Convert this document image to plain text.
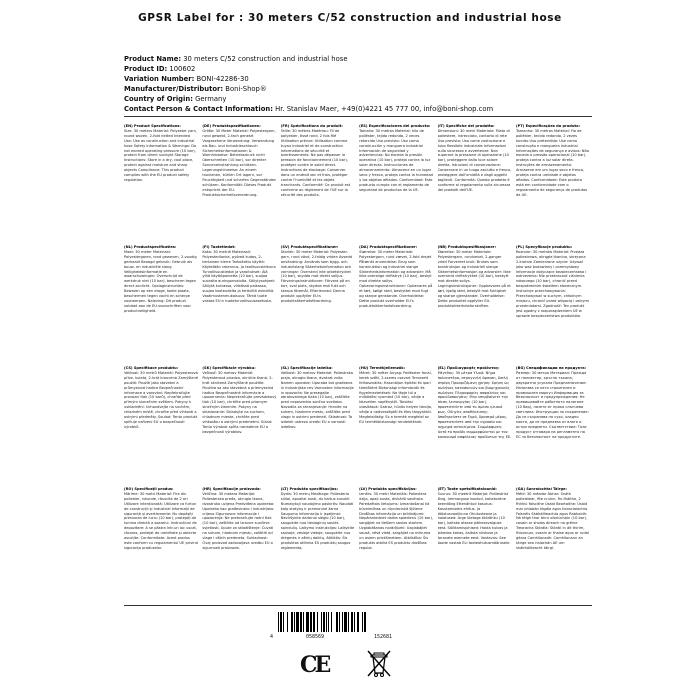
GPSR Label for : 30 meters C/52 construction and industrial hose
Product Name: 30 meters C/52 construction and industrial hose
Product ID: 100602
Variation Number: BONI-42286-30
Manufacturer/Distributor: Boni-Shop®
Country of Origin: Germany
Contact Person & Contact Information: Hr. Stanislav Maer, +49(0)4221 45 777 00, info@boni-shop.com
(EN) Product Specifications:
Size: 30 meters Material: Polyester yarn, round woven, 2-fold netted Intended Use: Use as construction and industrial hose Safety Information & Warnings: Do not exceed operating pressure (10 bar), protect from direct sunlight Storage Instructions: Store in a dry, cool place, protect against moisture and sharp objects Compliance: This product complies with the EU product safety regulation.
(DE) Produktspezifikationen:
Größe: 30 Meter Material: Polyestergarn, rund gewebt, 2-fach genetzt Vorgesehene Verwendung: Verwendung als Bau- und Industrieschlauch Sicherheitsinformationen & Warnhinweise: Betriebsdruck nicht überschreiten (10 bar), vor direkter Sonneneinstrahlung schützen. Lagerungshinweise: An einem trockenen, kühlen Ort lagern, vor Feuchtigkeit und scharfen Gegenständen schützen. Konformität: Dieses Produkt entspricht der EU-Produktsicherheitsverordnung.
(FR) Spécifications du produit:
Taille: 30 mètres Matériau: Fil de polyester, tissé rond, 2 fois filé Utilisation prévue: Utilisation comme tuyau industriel et de construction Informations de sécurité et avertissements: Ne pas dépasser la pression de fonctionnement (10 bar), protéger contre le soleil direct. Instructions de stockage: Conserver dans un endroit sec et frais, protéger contre l'humidité et les objets tranchants. Conformité: Ce produit est conforme au règlement de l'UE sur la sécurité des produits.
(ES) Especificaciones del producto:
Tamaño: 30 metros Material: hilo de poliéster, tejido redondo, 2 veces retorcido Uso previsto: Uso como construcción y manguera industrial Información de seguridad y advertencias: No exceda la presión operativa (10 bar), proteja contra la luz solar directa. Instrucciones de almacenamiento: Almacene en un lugar seco y fresco, proteja contra la humedad y los objetos afilados. Conformidad: Este producto cumple con el reglamento de seguridad de productos de la UE.
(IT) Specifiche del prodotto:
Dimensioni: 30 metri Materiale: Filato di poliestere, intrecciato, contorto di rete Uso previsto: Uso come costruzione e tubo flessibile industriale Informazioni sulla sicurezza e avvertenze: Non superare la pressione di operazione (10 bar), proteggere dalla luce solare diretta. Istruzioni di conservazione: Conservare in un luogo asciutto e fresco, proteggere dall'umidità e dagli oggetti taglienti. Conformità: Questo prodotto è conforme al regolamento sulla sicurezza dei prodotti dell'UE.
(PT) Especificações do produto:
Tamanho: 30 metros Material: Fio de poliéster, tecido redondo, 2 vezes torcido Uso pretendido: Use como construção e mangueira industrial Informações de segurança e avisos: Não exceda a pressão operacional (10 bar), proteja contra a luz solar direta. Instruções de armazenamento: Armazene em um lugar seco e fresco, proteja contra umidade e objetos afiados. Conformidade: Este produto está em conformidade com o regulamento de segurança de produtos da UE.
(NL) Productspecificaties:
Maat: 30 meter Materiaal: Polyestergaren, rond geweven, 2-voudig gedraaid Beoogd gebruik: Gebruik als bouw- en industriële slang Veiligheidsinformatie en waarschuwingen: Overschrijd de werkdruk niet (10 bar), bescherm tegen direct zonlicht. Opslaginstructies: Bewaren op een droge, koele plaats, beschermen tegen vocht en scherpe voorwerpen. Naleving: Dit product voldoet aan de EU-voorschriften voor productveiligheid.
(FI) Tuotetiedot:
Koko: 30 metriä Materiaali: Polyesterilanka, pyöreä kudos, 2-kertainen kierre Tarkoitettu käyttö: Käytetään rakennus- ja teollisuusletkuna Turvallisuustiedot ja varoitukset: Älä ylitä käyttöpainetta (10 bar), suojaa suoralta auringonvalolta. Säilytysohjeet: Säilytä kuivassa, viileässä paikassa, suojaa kosteudelta ja teräviltä esineiltä. Vaatimustenmukaisuus: Tämä tuote vastaa EU:n tuoteturvallisuusasetusta.
(SV) Produktspecifikationer:
Storlek: 30 meter Material: Polyester-garn, rund vävd, 2-faldig vriden Avsedd användning: Används som bygg- och industrislang Säkerhetsinformation och varningar: Överskrid inte arbetstrycket (10 bar), skydda mot direkt solljus. Förvaringsinstruktioner: Förvara på en torr, sval plats, skydda mot fukt och skarpa föremål. Efterlevnad: Denna produkt uppfyller EU:s produktsäkerhetsförordning.
(DA) Produktspecifikationer:
Størrelse: 30 meter Materiale: Polyestergarn, rund vævet, 2-fold drejet Påtænkt anvendelse: Brug som konstruktion og industriel slange Sikkerhedsinformation og advarsler: Må ikke overstige driftstryk (10 bar), beskyt mod direkte sollys. Opbevaringsinstruktioner: Opbevares på et tørt, køligt sted, beskyttet mod fugt og skarpe genstande. Overholdelse: Dette produkt overholder EU's produktsikkerhedsforordning.
(NB) Produktspesifikasjoner:
Størrelse: 30 meter Materiale: Polyestergarn, rundvevet, 2-ganger vridd Forventet bruk: Brukes som konstruksjon og industriell slange Sikkerhetsinformasjon og advarsler: Ikke overskrid driftstrykket (10 bar), beskytt mot direkte sollys. Lagringsinstruksjoner: Oppbevares på et tørt, kjølig sted, beskytt mot fuktighet og skarpe gjenstander. Overholdelse: Dette produktet oppfyller EU-produktsikkerhetsforskriften.
(PL) Specyfikacje produktu:
Rozmiar: 30 metrów Materiał: Przędza poliestrowa, okrągła tkanina, skręcona 2-krotnie Zamierzone użycie: Używać jako wąż budowlany i przemysłowy Informacje dotyczące bezpieczeństwa i ostrzeżenia: Nie przekraczać ciśnienia roboczego (10 bar), chronić przed bezpośrednim światłem słonecznym. Instrukcje przechowywania: Przechowywać w suchym, chłodnym miejscu, chronić przed wilgocią i ostrymi przedmiotami. Zgodność: Ten produkt jest zgodny z rozporządzeniem UE w sprawie bezpieczeństwa produktów.
(CS) Specifikace produktu:
Velikost: 30 metrů Materiál: Polyesterová příze, kulatá, 2-krát kroucená Zamýšlené použití: Použití jako stavební a průmyslová hadice Bezpečnostní informace a varování: Nepřekračujte provozní tlak (10 barů), chraňte před přímým slunečním světlem. Pokyny k uskladnění: Uchovávejte na suchém, chladném místě, chraňte před vlhkostí a ostrými předměty. Soulad: Tento produkt splňuje nařízení EU o bezpečnosti výrobků.
(SK) Špecifikácie výrobku:
Veľkosť: 30 metrov Materiál: Polyesterová priadza, okrúhle tkaná, 2-krát skrútená Zamýšľané použitie: Používa sa ako stavebná a priemyselná hadica Bezpečnostné informácie a upozornenia: Neprekračujte prevádzkový tlak (10 bar), chráňte pred priamym slnečným žiarením. Pokyny na skladovanie: Skladujte na suchom, chladnom mieste, chráňte pred vlhkosťou a ostrými predmetmi. Súlad: Tento výrobok spĺňa nariadenie EÚ o bezpečnosti výrobkov.
(SL) Specifikacije izdelka:
Velikost: 30 metrov Material: Poliestrska preja, okroglo tkana, dvakrat zvita Namen uporabe: Uporaba kot gradbena in industrijska cev Varnostne informacije in opozorila: Ne presegajte obratovalnega tlaka (10 bar), zaščitite pred neposredno sončno svetlobo. Navodila za shranjevanje: Hranite na suhem, hladnem mestu, zaščitite pred vlago in ostrimi predmeti. Skladnost: Ta izdelek ustreza uredbi EU o varnosti izdelkov.
(HU) Termékjellemzők:
Méret: 30 méter Anyag: Poliészter fonal, kerek szőtt, 2-szeres csavart Tervezett felhasználás: Használjon építési és ipari tömlőként Biztonsági információk és figyelmeztetések: Ne lépje túl a működési nyomást (10 bar), védje a közvetlen napfénytől. Tárolási utasítások: Száraz, hűvös helyen tárolja, védje a nedvességtől és éles tárgyaktól. Megfelelőség: Ez a termék megfelel az EU termékbiztonsági rendeletének.
(EL) Προδιαγραφές προϊόντος:
Μέγεθος: 30 μέτρα Υλικό: Νήμα πολυεστέρα, στρογγυλή ύφανση, διπλή στρίψη Προοριζόμενη χρήση: Χρήση ως σωλήνας κατασκευών και βιομηχανικός σωλήνας Πληροφορίες ασφαλείας και προειδοποιήσεις: Μην υπερβαίνετε την πίεση λειτουργίας (10 bar), προστατεύετε από το άμεσο ηλιακό φως. Οδηγίες αποθήκευσης: Αποθηκεύστε σε ξηρό, δροσερό μέρος, προστατεύστε από την υγρασία και αιχμηρά αντικείμενα. Συμμόρφωση: Αυτό το προϊόν συμμορφώνεται με τον κανονισμό ασφάλειας προϊόντων της ΕΕ.
(BG) Спецификации на продукта:
Размер: 30 метра Материал: Прежда от полиестер, кръгло тъкана, двукратно усукана Предназначение: Използва се като строителен и промишлен маркуч Информация за безопасност и предупреждения: Не превишавайте работното налягане (10 бар), пазете от пряка слънчева светлина. Инструкции за съхранение: Да се съхранява на сухо, хладно място, да се предпазва от влага и остри предмети. Съответствие: Този продукт отговаря на регламента на ЕС за безопасност на продуктите.
(RO) Specificații produs:
Mărime: 30 metri Material: Fire din poliester, rotunde, răsucite de 2 ori Utilizare intenționată: Utilizare ca furtun de construcții și industrial Informații de siguranță și avertismente: Nu depășiți presiunea de lucru (10 bar), protejați de lumina directă a soarelui. Instrucțiuni de depozitare: A se păstra într-un loc uscat, răcoros, protejat de umiditate și obiecte ascuțite. Conformitate: Acest produs este conform cu regulamentul UE privind siguranța produselor.
(HR) Specifikacije proizvoda:
Veličina: 30 metara Materijal: Poliesterska pređa, okruglo tkana, dvostruko uvijena Predviđena upotreba: Upotreba kao građevinsko i industrijsko crijevo Sigurnosne informacije i upozorenja: Ne prekoračujte radni tlak (10 bar), zaštitite od izravne sunčeve svjetlosti. Upute za skladištenje: Čuvati na suhom, hladnom mjestu, zaštititi od vlage i oštrih predmeta. Sukladnost: Ovaj proizvod zadovoljava uredbu EU o sigurnosti proizvoda.
(LT) Produkto specifikacijos:
Dydis: 30 metrų Medžiaga: Poliesterio siūlai, apvaliai austi, du kartus susukti Numatytoji naudojimo paskirtis: Naudoti kaip statybų ir pramoninė žarna Saugumo informacija ir įspėjimai: Neviršykite darbinio slėgio (10 bar), saugokite nuo tiesioginių saulės spindulių. Laikymo instrukcijos: Laikykite sausoje, vėsioje vietoje, saugokite nuo drėgmės ir aštrių daiktų. Atitiktis: Šis produktas atitinka ES produktų saugos reglamentą.
(LV) Produkta specifikācijas:
Izmērs: 30 metri Materiāls: Poliestera dzija, apaļi austa, divkārši savērpta Paredzētais lietojums: Izmantošanai kā būvniecības un rūpnieciskā šļūtene Drošības informācija un brīdinājumi: Nepārsniedziet darba spiedienu (10 bar), sargājiet no tiešiem saules stariem. Uzglabāšanas norādījumi: Uzglabājiet sausā, vēsā vietā, sargājiet no mitruma un asiem priekšmetiem. Atbilstība: Šis produkts atbilst ES produktu drošības regulai.
(ET) Toote spetsifikatsioonid:
Suurus: 30 meetrit Materjal: Polüestrist lõng, ümmarguse kootud, kahekordne keerdlõng Ettenähtud kasutus: Kasutamiseks ehitus- ja tööstusvoolikuna Ohutusteave ja hoiatused: Ärge ületage töörõhku (10 bar), kaitske otsese päikesevalguse eest. Säilitamisjuhised: Hoida kuivas ja jahedas kohas, kaitsta niiskuse ja teravate esemete eest. Vastavus: See toode vastab ELi tooteohutusmäärusele.
(GA) Sonraíochtaí Táirge:
Méid: 30 méadar Ábhar: Snáth poileistear, fite cruinn, fhi-fháithe, 2 fhithiú fáiscithe Úsáid Beartaithe: Úsáid mar phíobán tógála agus tionsclaíochta Faisnéis Sábháilteachta agus Rabhaidh: Ná téigh thar bhrú oibriúcháin (10 bar), cosain ar sholas díreach na gréine Treoracha Stórála: Stóráil in áit thirim, fhionnuar, cosain ar thaise agus ar rudaí géara Comhlíonadh: Comhlíonann an táirge seo rialachán AE um shábháilteacht táirgí.
4	058569	152681
CE
